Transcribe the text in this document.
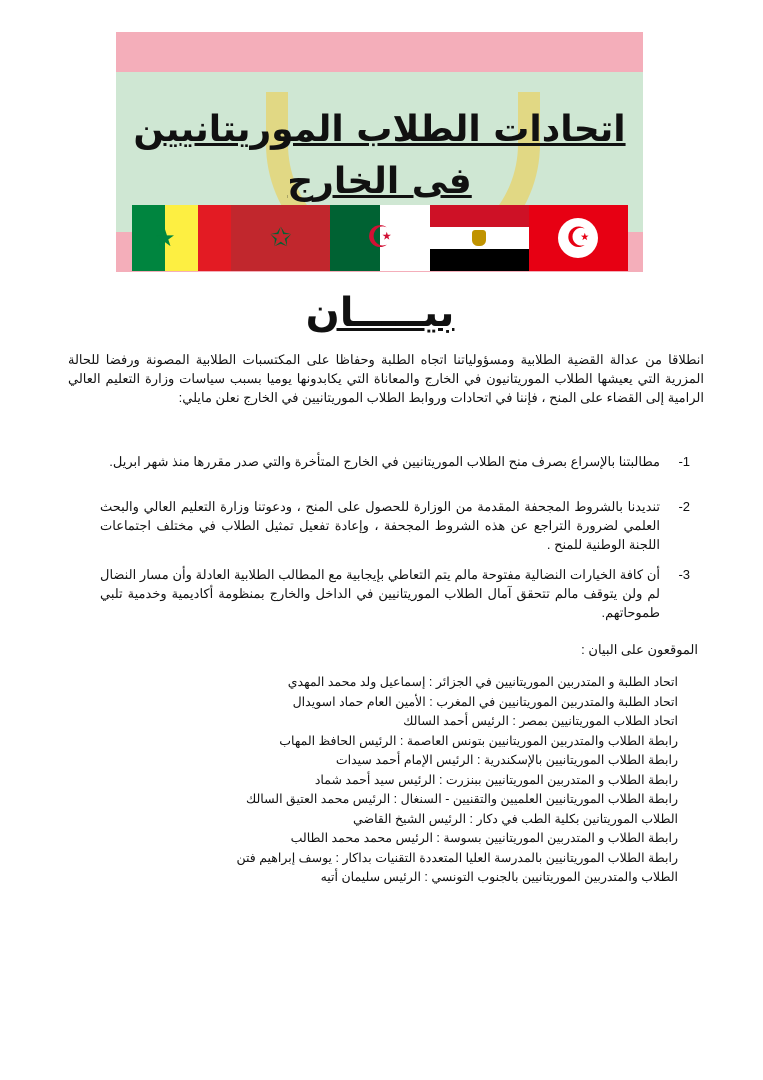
اتحادات الطلاب الموريتانيين فى الخارج
★	✩ ☪	☪
بيـــــان
انطلاقا من عدالة القضية الطلابية ومسؤولياتنا اتجاه الطلبة وحفاظا على المكتسبات الطلابية المصونة ورفضا للحالة المزرية التي يعيشها الطلاب الموريتانيون في الخارج والمعاناة التي يكابدونها يوميا بسبب سياسات وزارة التعليم العالي الرامية إلى القضاء على المنح ، فإننا في اتحادات وروابط الطلاب الموريتانيين في الخارج نعلن مايلي:
-1
مطالبتنا بالإسراع بصرف منح الطلاب الموريتانيين في الخارج المتأخرة والتي صدر مقررها منذ شهر ابريل.
-2
تنديدنا بالشروط المجحفة المقدمة من الوزارة للحصول على المنح ، ودعوتنا وزارة التعليم العالي والبحث العلمي لضرورة التراجع عن هذه الشروط المجحفة ، وإعادة تفعيل تمثيل الطلاب في مختلف اجتماعات اللجنة الوطنية للمنح .
-3
أن كافة الخيارات النضالية مفتوحة مالم يتم التعاطي بإيجابية مع المطالب الطلابية العادلة وأن مسار النضال لم ولن يتوقف مالم تتحقق آمال الطلاب الموريتانيين في الداخل والخارج بمنظومة أكاديمية وخدمية تلبي طموحاتهم.
الموقعون على البيان :
اتحاد الطلبة و المتدربين الموريتانيين في الجزائر : إسماعيل ولد محمد المهدي
اتحاد الطلبة والمتدربين الموريتانيين في المغرب : الأمين العام حماد اسويدال
اتحاد الطلاب الموريتانيين بمصر : الرئيس أحمد السالك
رابطة الطلاب والمتدربين الموريتانيين بتونس العاصمة : الرئيس الحافظ المهاب
رابطة الطلاب الموريتانيين بالإسكندرية : الرئيس الإمام أحمد سيدات
رابطة الطلاب و المتدربين الموريتانيين ببنزرت : الرئيس سيد أحمد شماد
رابطة الطلاب الموريتانيين العلميين والتقنيين - السنغال : الرئيس محمد العتيق السالك
الطلاب الموريتانين بكلية الطب في دكار : الرئيس الشيخ القاضي
رابطة الطلاب و المتدربين الموريتانيين بسوسة : الرئيس محمد محمد الطالب
رابطة الطلاب الموريتانيين بالمدرسة العليا المتعددة التقنيات بداكار : يوسف إبراهيم فتن
الطلاب والمتدربين الموريتانيين بالجنوب التونسي : الرئيس سليمان أتيه
